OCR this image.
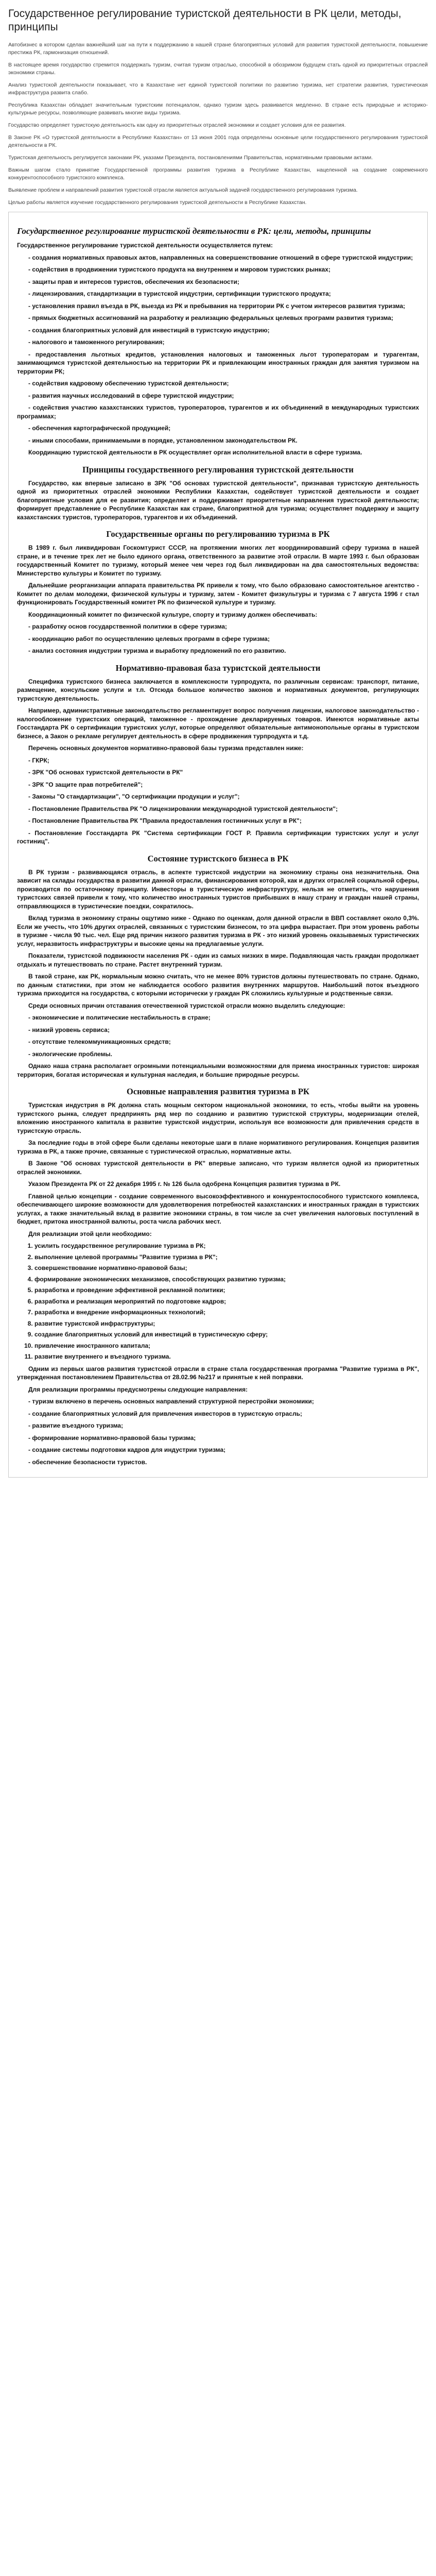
Государственное регулирование туристской деятельности в РК цели, методы, принципы

Автобизнес в котором сделан важнейший шаг на пути к поддержанию в нашей стране благоприятных условий для развития туристской деятельности, повышение престижа РК, гармонизация отношений.

В настоящее время государство стремится поддержать туризм, считая туризм отраслью, способной в обозримом будущем стать одной из приоритетных отраслей экономики страны.

Анализ туристской деятельности показывает, что в Казахстане нет единой туристской политики по развитию туризма, нет стратегии развития, туристическая инфраструктура развита слабо.

Республика Казахстан обладает значительным туристским потенциалом, однако туризм здесь развивается медленно. В стране есть природные и историко-культурные ресурсы, позволяющие развивать многие виды туризма.

Государство определяет туристскую деятельность как одну из приоритетных отраслей экономики и создает условия для ее развития.

В Законе РК «О туристской деятельности в Республике Казахстан» от 13 июня 2001 года определены основные цели государственного регулирования туристской деятельности в РК.

Туристская деятельность регулируется законами РК, указами Президента, постановлениями Правительства, нормативными правовыми актами.

Важным шагом стало принятие Государственной программы развития туризма в Республике Казахстан, нацеленной на создание современного конкурентоспособного туристского комплекса.

Выявление проблем и направлений развития туристской отрасли является актуальной задачей государственного регулирования туризма.

Целью работы является изучение государственного регулирования туристской деятельности в Республике Казахстан.

Государственное регулирование туристской деятельности в РК: цели, методы, принципы

Государственное регулирование туристской деятельности осуществляется путем:

- создания нормативных правовых актов, направленных на совершенствование отношений в сфере туристской индустрии;

- содействия в продвижении туристского продукта на внутреннем и мировом туристских рынках;

- защиты прав и интересов туристов, обеспечения их безопасности;

- лицензирования, стандартизации в туристской индустрии, сертификации туристского продукта;

- установления правил въезда в РК, выезда из РК и пребывания на территории РК с учетом интересов развития туризма;

- прямых бюджетных ассигнований на разработку и реализацию федеральных целевых программ развития туризма;

- создания благоприятных условий для инвестиций в туристскую индустрию;

- налогового и таможенного регулирования;

- предоставления льготных кредитов, установления налоговых и таможенных льгот туроператорам и турагентам, занимающимся туристской деятельностью на территории РК и привлекающим иностранных граждан для занятия туризмом на территории РК;

- содействия кадровому обеспечению туристской деятельности;

- развития научных исследований в сфере туристской индустрии;

- содействия участию казахстанских туристов, туроператоров, турагентов и их объединений в международных туристских программах;

- обеспечения картографической продукцией;

- иными способами, принимаемыми в порядке, установленном законодательством РК.

Координацию туристской деятельности в РК осуществляет орган исполнительной власти в сфере туризма.

Принципы государственного регулирования туристской деятельности

Государство, как впервые записано в ЗРК "Об основах туристской деятельности", признавая туристскую деятельность одной из приоритетных отраслей экономики Республики Казахстан, содействует туристской деятельности и создает благоприятные условия для ее развития; определяет и поддерживает приоритетные направления туристской деятельности; формирует представление о Республике Казахстан как стране, благоприятной для туризма; осуществляет поддержку и защиту казахстанских туристов, туроператоров, турагентов и их объединений.

Государственные органы по регулированию туризма в РК

В 1989 г. был ликвидирован Госкомтурист СССР, на протяжении многих лет координировавший сферу туризма в нашей стране, и в течение трех лет не было единого органа, ответственного за развитие этой отрасли. В марте 1993 г. был образован государственный Комитет по туризму, который менее чем через год был ликвидирован на два самостоятельных ведомства: Министерство культуры и Комитет по туризму.

Дальнейшие реорганизации аппарата правительства РК привели к тому, что было образовано самостоятельное агентство - Комитет по делам молодежи, физической культуры и туризму, затем - Комитет физкультуры и туризма с 7 августа 1996 г стал функционировать Государственный комитет РК по физической культуре и туризму.

Координационный комитет по физической культуре, спорту и туризму должен обеспечивать:

- разработку основ государственной политики в сфере туризма;

- координацию работ по осуществлению целевых программ в сфере туризма;

- анализ состояния индустрии туризма и выработку предложений по его развитию.

Нормативно-правовая база туристской деятельности

Специфика туристского бизнеса заключается в комплексности турпродукта, по различным сервисам: транспорт, питание, размещение, консульские услуги и т.п. Отсюда большое количество законов и нормативных документов, регулирующих туристскую деятельность.

Например, административные законодательство регламентирует вопрос получения лицензии, налоговое законодательство - налогообложение туристских операций, таможенное - прохождение декларируемых товаров. Имеются нормативные акты Госстандарта РК о сертификации туристских услуг, которые определяют обязательные антимонопольные органы в туристском бизнесе, а Закон о рекламе регулирует деятельность в сфере продвижения турпродукта и т.д.

Перечень основных документов нормативно-правовой базы туризма представлен ниже:

- ГКРК;

- ЗРК "Об основах туристской деятельности в РК"

- ЗРК "О защите прав потребителей";

- Законы "О стандартизации", "О сертификации продукции и услуг";

- Постановление Правительства РК "О лицензировании международной туристской деятельности";

- Постановление Правительства РК "Правила предоставления гостиничных услуг в РК";

- Постановление Госстандарта РК "Система сертификации ГОСТ Р. Правила сертификации туристских услуг и услуг гостиниц".

Состояние туристского бизнеса в РК

В РК туризм - развивающаяся отрасль, в аспекте туристской индустрии на экономику страны она незначительна. Она зависит на склады государства в развитии данной отрасли, финансирования которой, как и других отраслей социальной сферы, производится по остаточному принципу. Инвесторы в туристическую инфраструктуру, нельзя не отметить, что нарушения туристских связей привели к тому, что количество иностранных туристов прибывших в нашу страну и граждан нашей страны, отправляющихся в туристические поездки, сократилось.

Вклад туризма в экономику страны ощутимо ниже - Однако по оценкам, доля данной отрасли в ВВП составляет около 0,3%. Если же учесть, что 10% других отраслей, связанных с туристским бизнесом, то эта цифра вырастает. При этом уровень работы в туризме - числа 90 тыс. чел. Еще ряд причин низкого развития туризма в РК - это низкий уровень оказываемых туристических услуг, неразвитость инфраструктуры и высокие цены на предлагаемые услуги.

Показатели, туристской подвижности населения РК - один из самых низких в мире. Подавляющая часть граждан продолжает отдыхать и путешествовать по стране. Растет внутренний туризм.

В такой стране, как РК, нормальным можно считать, что не менее 80% туристов должны путешествовать по стране. Однако, по данным статистики, при этом не наблюдается особого развития внутренних маршрутов. Наибольший поток въездного туризма приходится на государства, с которыми исторически у граждан РК сложились культурные и родственные связи.

Среди основных причин отставания отечественной туристской отрасли можно выделить следующие:

- экономические и политические нестабильность в стране;

- низкий уровень сервиса;

- отсутствие телекоммуникационных средств;

- экологические проблемы.

Однако наша страна располагает огромными потенциальными возможностями для приема иностранных туристов: широкая территория, богатая историческая и культурная наследия, и большие природные ресурсы.

Основные направления развития туризма в РК

Туристская индустрия в РК должна стать мощным сектором национальной экономики, то есть, чтобы выйти на уровень туристского рынка, следует предпринять ряд мер по созданию и развитию туристской структуры, модернизации отелей, вложению иностранного капитала в развитие туристской индустрии, используя все возможности для привлечения средств в туристскую отрасль.

За последние годы в этой сфере были сделаны некоторые шаги в плане нормативного регулирования. Концепция развития туризма в РК, а также прочие, связанные с туристической отраслью, нормативные акты.

В Законе "Об основах туристской деятельности в РК" впервые записано, что туризм является одной из приоритетных отраслей экономики.

Указом Президента РК от 22 декабря 1995 г. № 126 была одобрена Концепция развития туризма в РК.

Главной целью концепции - создание современного высокоэффективного и конкурентоспособного туристского комплекса, обеспечивающего широкие возможности для удовлетворения потребностей казахстанских и иностранных граждан в туристских услугах, а также значительный вклад в развитие экономики страны, в том числе за счет увеличения налоговых поступлений в бюджет, притока иностранной валюты, роста числа рабочих мест.

Для реализации этой цели необходимо:

1. усилить государственное регулирование туризма в РК;
2. выполнение целевой программы "Развитие туризма в РК";
3. совершенствование нормативно-правовой базы;
4. формирование экономических механизмов, способствующих развитию туризма;
5. разработка и проведение эффективной рекламной политики;
6. разработка и реализация мероприятий по подготовке кадров;
7. разработка и внедрение информационных технологий;
8. развитие туристской инфраструктуры;
9. создание благоприятных условий для инвестиций в туристическую сферу;
10. привлечение иностранного капитала;
11. развитие внутреннего и въездного туризма.

Одним из первых шагов развития туристской отрасли в стране стала государственная программа "Развитие туризма в РК", утвержденная постановлением Правительства от 28.02.96 №217 и принятые к ней поправки.

Для реализации программы предусмотрены следующие направления:

- туризм включено в перечень основных направлений структурной перестройки экономики;

- создание благоприятных условий для привлечения инвесторов в туристскую отрасль;

- развитие въездного туризма;

- формирование нормативно-правовой базы туризма;

- создание системы подготовки кадров для индустрии туризма;

- обеспечение безопасности туристов.
